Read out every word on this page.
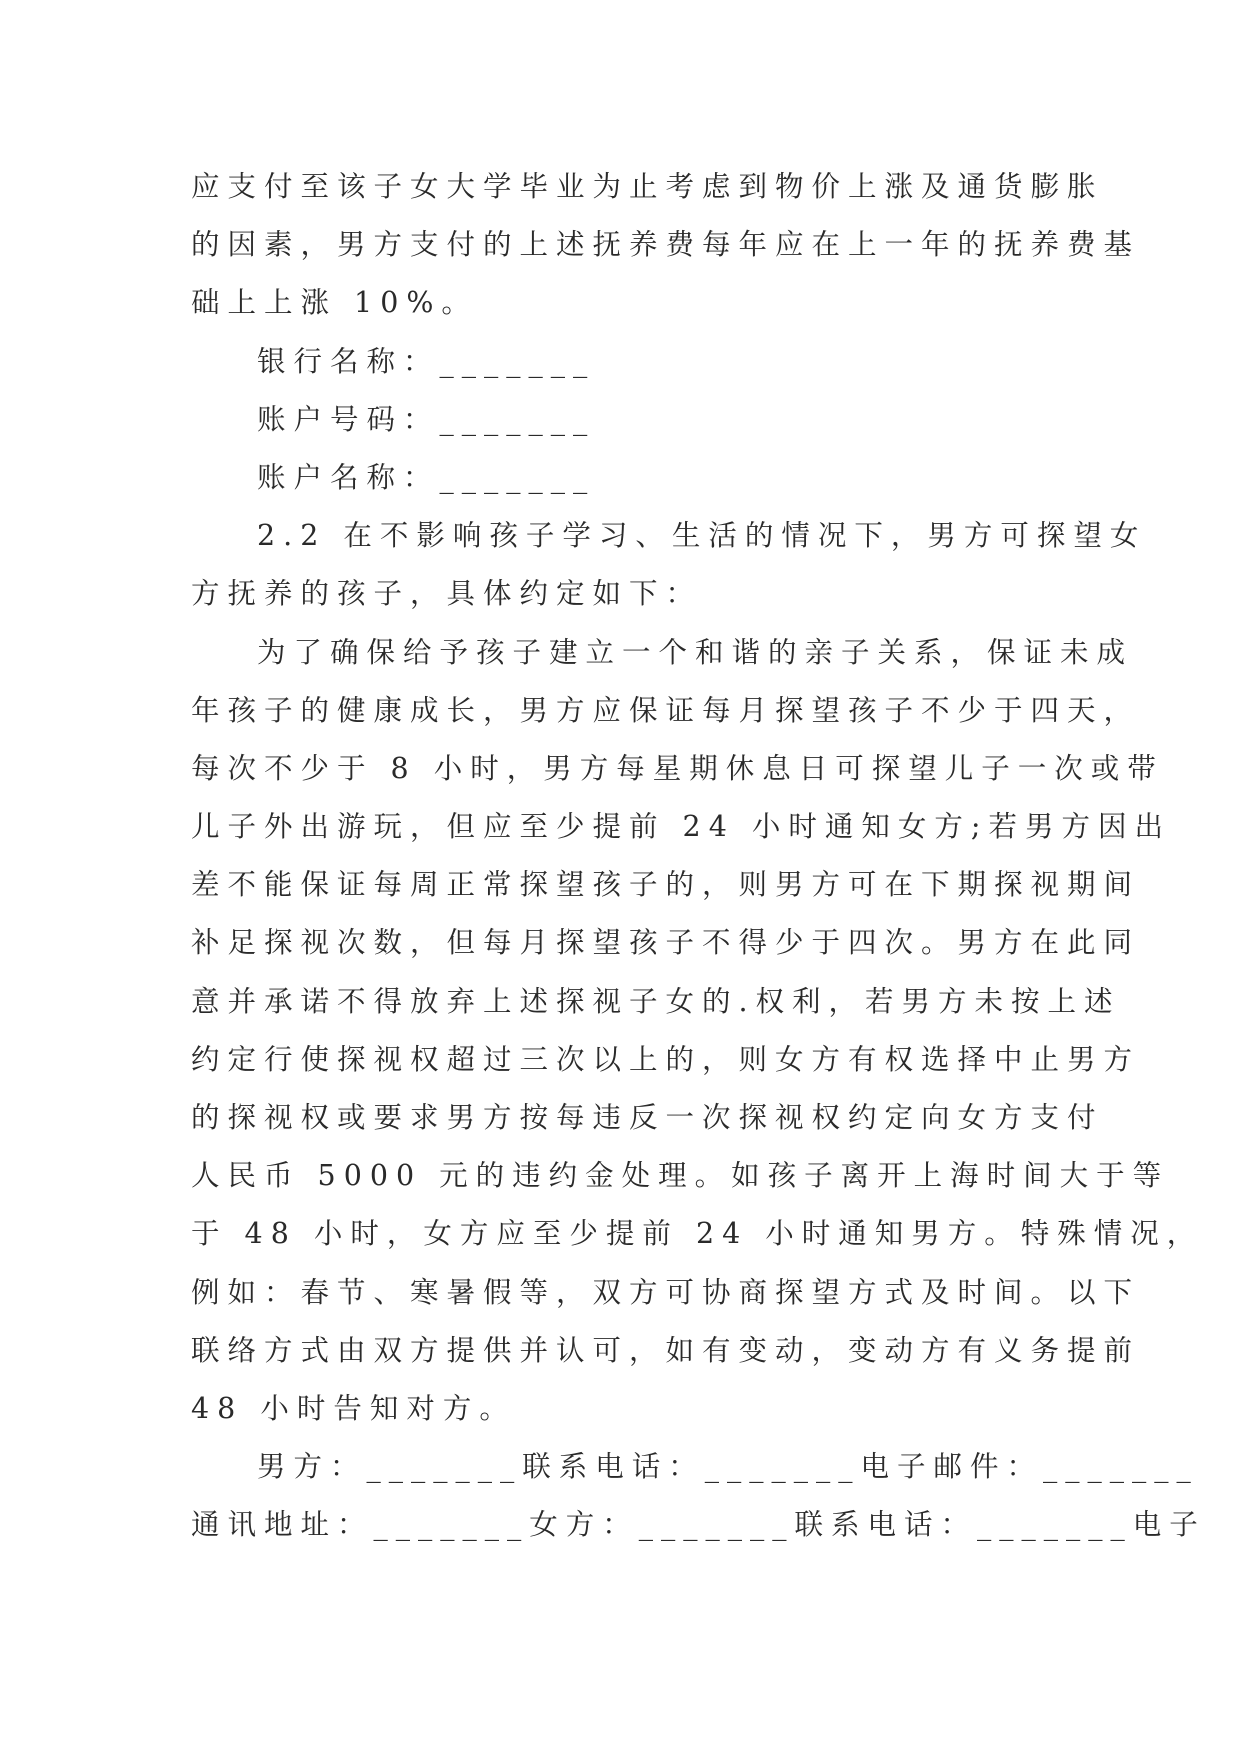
应支付至该子女大学毕业为止考虑到物价上涨及通货膨胀
的因素，男方支付的上述抚养费每年应在上一年的抚养费基
础上上涨 10%。
银行名称：_______
账户号码：_______
账户名称：_______
2.2 在不影响孩子学习、生活的情况下，男方可探望女
方抚养的孩子，具体约定如下：
为了确保给予孩子建立一个和谐的亲子关系，保证未成
年孩子的健康成长，男方应保证每月探望孩子不少于四天，
每次不少于 8 小时，男方每星期休息日可探望儿子一次或带
儿子外出游玩，但应至少提前 24 小时通知女方;若男方因出
差不能保证每周正常探望孩子的，则男方可在下期探视期间
补足探视次数，但每月探望孩子不得少于四次。男方在此同
意并承诺不得放弃上述探视子女的.权利，若男方未按上述
约定行使探视权超过三次以上的，则女方有权选择中止男方
的探视权或要求男方按每违反一次探视权约定向女方支付
人民币 5000 元的违约金处理。如孩子离开上海时间大于等
于 48 小时，女方应至少提前 24 小时通知男方。特殊情况，
例如：春节、寒暑假等，双方可协商探望方式及时间。以下
联络方式由双方提供并认可，如有变动，变动方有义务提前
48 小时告知对方。
男方：_______联系电话：_______电子邮件：_______
通讯地址：_______女方：_______联系电话：_______电子
